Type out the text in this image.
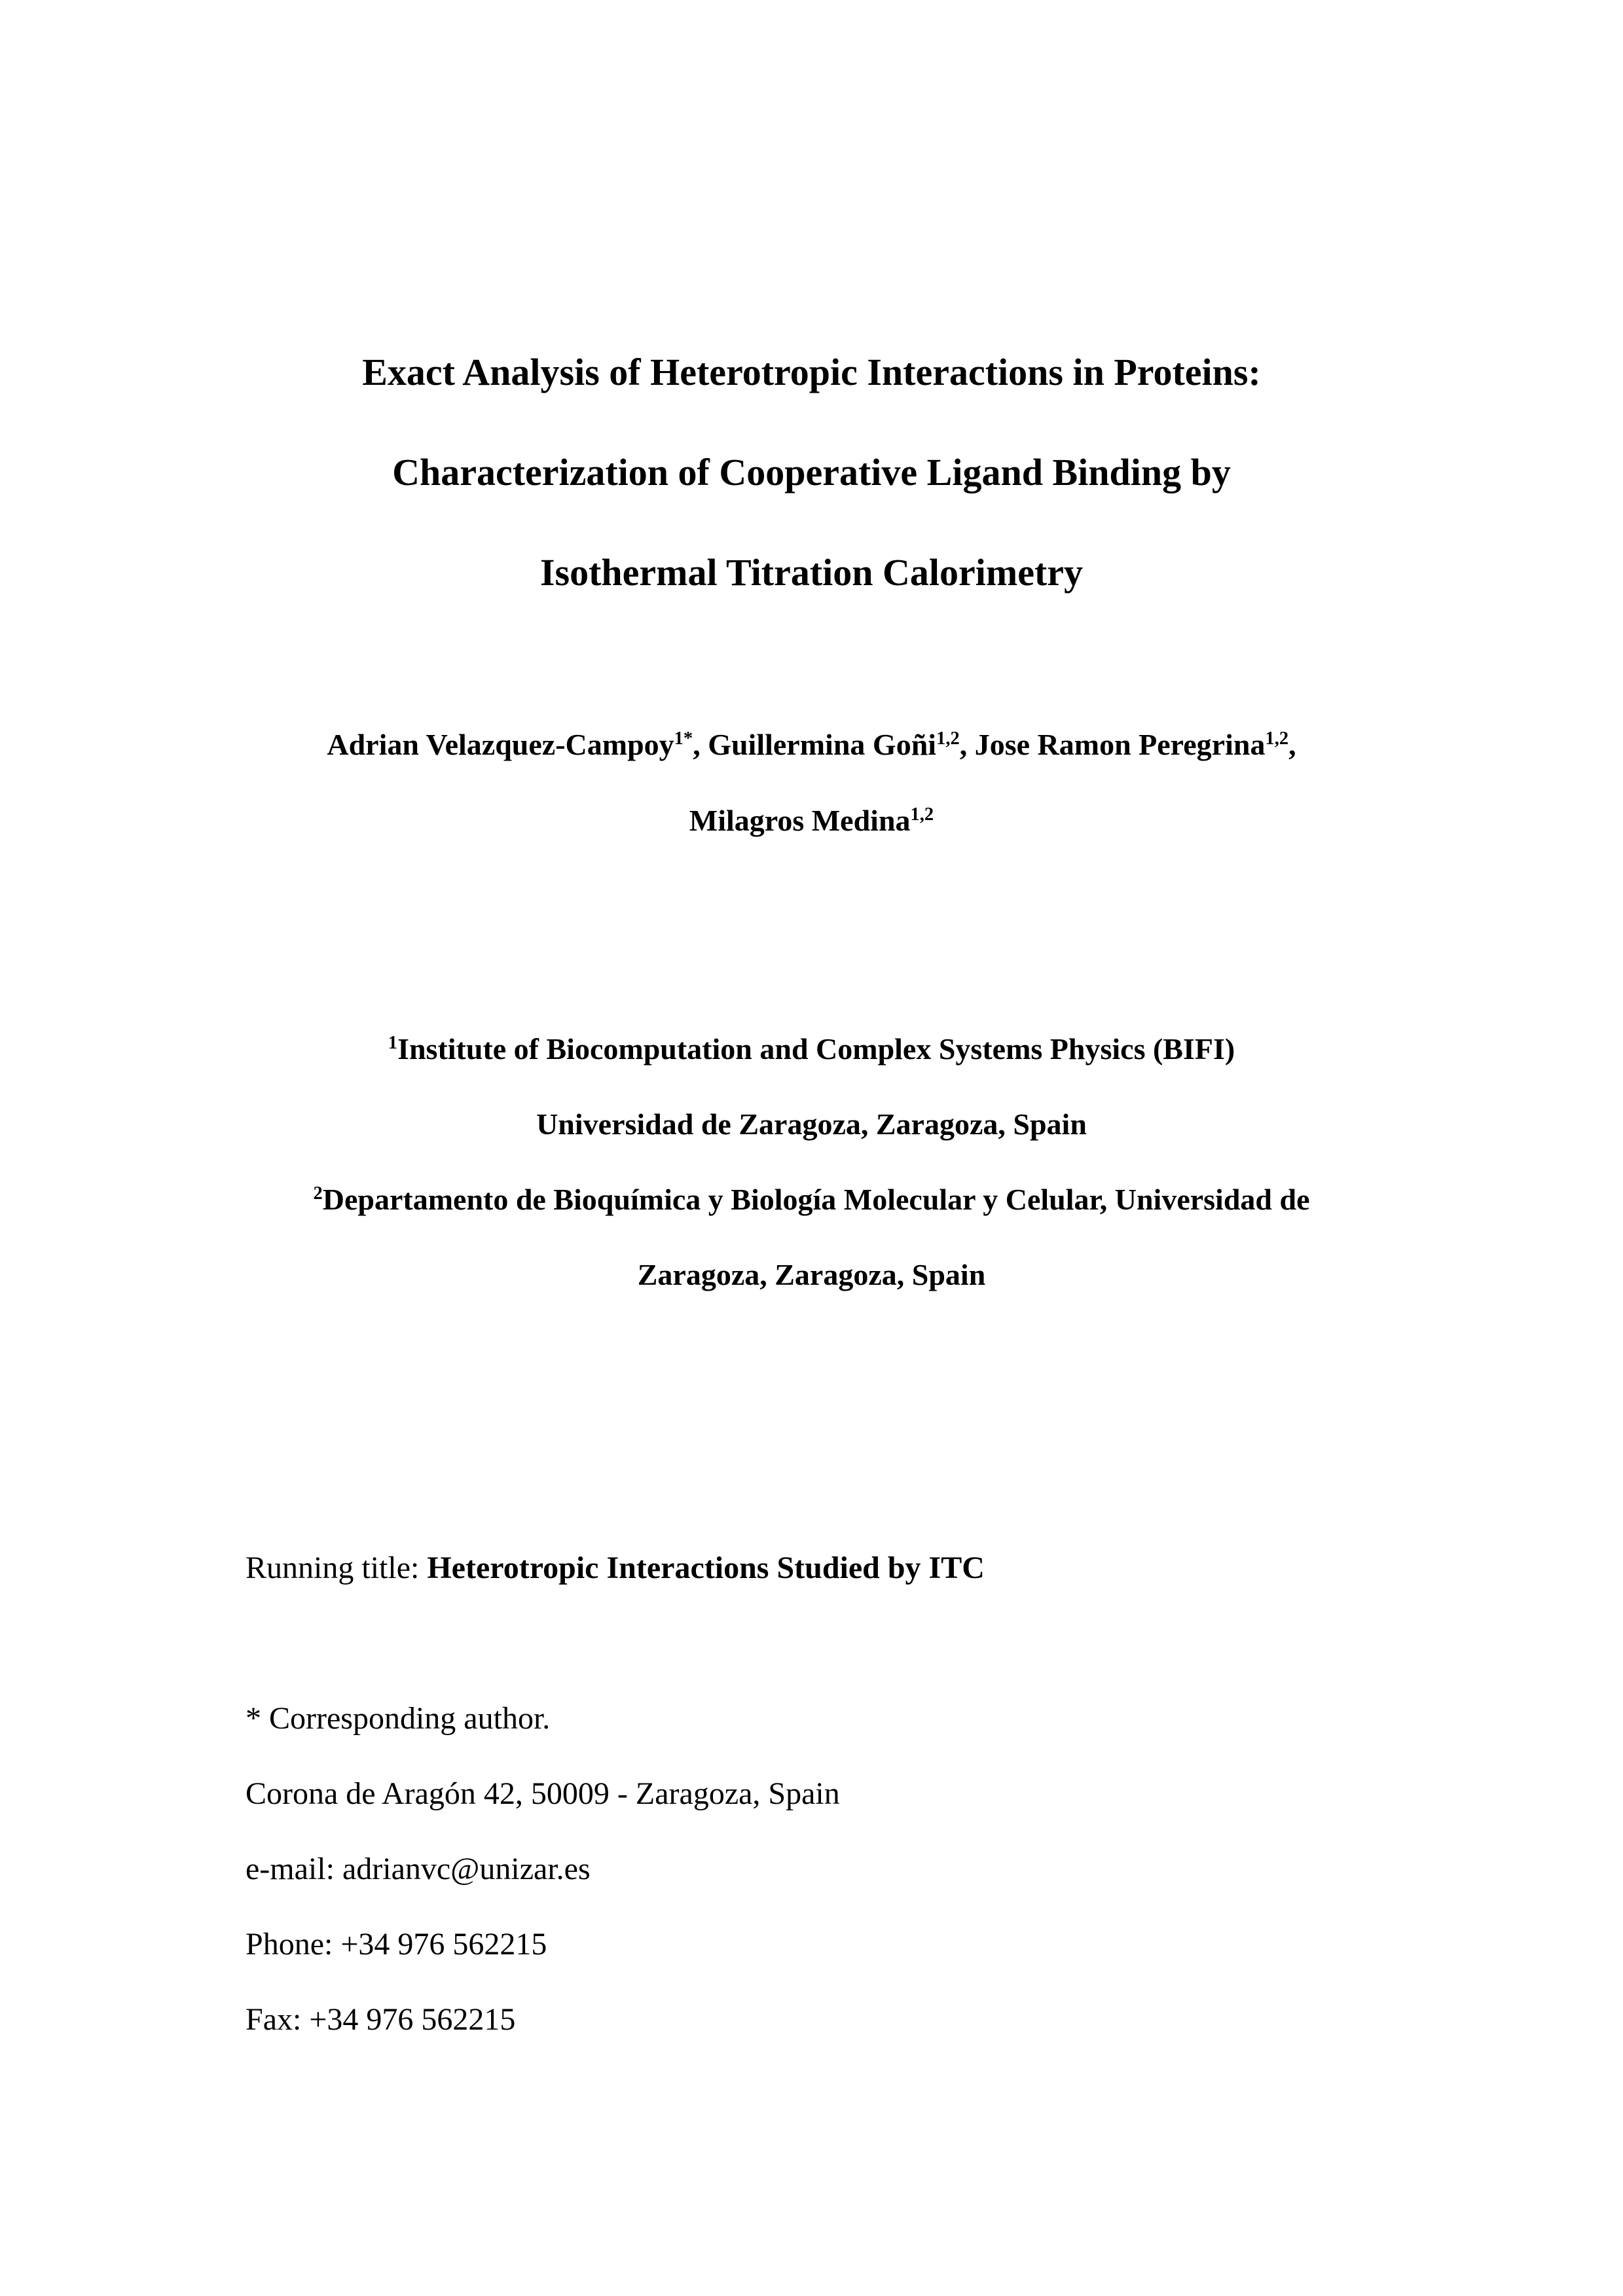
Exact Analysis of Heterotropic Interactions in Proteins:
Characterization of Cooperative Ligand Binding by
Isothermal Titration Calorimetry
Adrian Velazquez-Campoy$^{1*}$, Guillermina Goñi$^{1,2}$, Jose Ramon Peregrina$^{1,2}$,
Milagros Medina$^{1,2}$
$^1$Institute of Biocomputation and Complex Systems Physics (BIFI)
Universidad de Zaragoza, Zaragoza, Spain
$^2$Departamento de Bioquímica y Biología Molecular y Celular, Universidad de
Zaragoza, Zaragoza, Spain
Running title: Heterotropic Interactions Studied by ITC
* Corresponding author.
Corona de Aragón 42, 50009 - Zaragoza, Spain
e-mail: adrianvc@unizar.es
Phone: +34 976 562215
Fax: +34 976 562215
